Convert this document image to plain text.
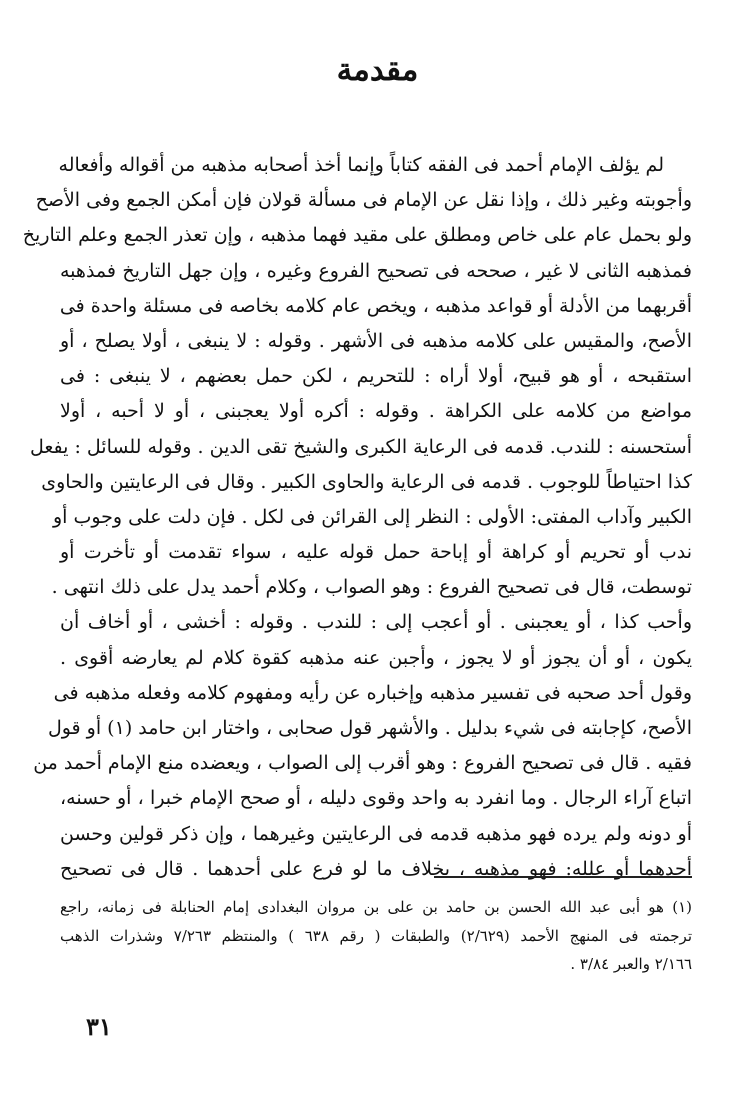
مقدمة
لم يؤلف الإمام أحمد فى الفقه كتاباً وإنما أخذ أصحابه مذهبه من أقواله وأفعاله
وأجوبته وغير ذلك ، وإذا نقل عن الإمام فى مسألة قولان فإن أمكن الجمع وفى الأصح
ولو بحمل عام على خاص ومطلق على مقيد فهما مذهبه ، وإن تعذر الجمع وعلم التاريخ
فمذهبه الثانى لا غير ، صححه فى تصحيح الفروع وغيره ، وإن جهل التاريخ فمذهبه
أقربهما من الأدلة أو قواعد مذهبه ، ويخص عام كلامه بخاصه فى مسئلة واحدة فى
الأصح، والمقيس على كلامه مذهبه فى الأشهر . وقوله : لا ينبغى ، أولا يصلح ، أو
استقبحه ، أو هو قبيح، أولا أراه : للتحريم ، لكن حمل بعضهم ، لا ينبغى : فى
مواضع من كلامه على الكراهة . وقوله : أكره أولا يعجبنى ، أو لا أحبه ، أولا
أستحسنه : للندب. قدمه فى الرعاية الكبرى والشيخ تقى الدين . وقوله للسائل : يفعل
كذا احتياطاً للوجوب . قدمه فى الرعاية والحاوى الكبير . وقال فى الرعايتين والحاوى
الكبير وآداب المفتى: الأولى : النظر إلى القرائن فى لكل . فإن دلت على وجوب أو
ندب أو تحريم أو كراهة أو إباحة حمل قوله عليه ، سواء تقدمت أو تأخرت أو
توسطت، قال فى تصحيح الفروع : وهو الصواب ، وكلام أحمد يدل على ذلك انتهى .
وأحب كذا ، أو يعجبنى . أو أعجب إلى : للندب . وقوله : أخشى ، أو أخاف أن
يكون ، أو أن يجوز أو لا يجوز ، وأجبن عنه مذهبه كقوة كلام لم يعارضه أقوى .
وقول أحد صحبه فى تفسير مذهبه وإخباره عن رأيه ومفهوم كلامه وفعله مذهبه فى
الأصح، كإجابته فى شيء بدليل . والأشهر قول صحابى ، واختار ابن حامد (١) أو قول
فقيه . قال فى تصحيح الفروع : وهو أقرب إلى الصواب ، ويعضده منع الإمام أحمد من
اتباع آراء الرجال . وما انفرد به واحد وقوى دليله ، أو صحح الإمام خبرا ، أو حسنه،
أو دونه ولم يرده فهو مذهبه قدمه فى الرعايتين وغيرهما ، وإن ذكر قولين وحسن
أحدهما أو علله: فهو مذهبه ، بخلاف ما لو فرع على أحدهما . قال فى تصحيح
(١) هو أبى عبد الله الحسن بن حامد بن على بن مروان البغدادى إمام الحنابلة فى زمانه، راجع
ترجمته فى المنهج الأحمد (٢/٦٢٩) والطبقات ( رقم ٦٣٨ ) والمنتظم ٧/٢٦٣ وشذرات الذهب
٢/١٦٦ والعبر ٣/٨٤ .
٣١
